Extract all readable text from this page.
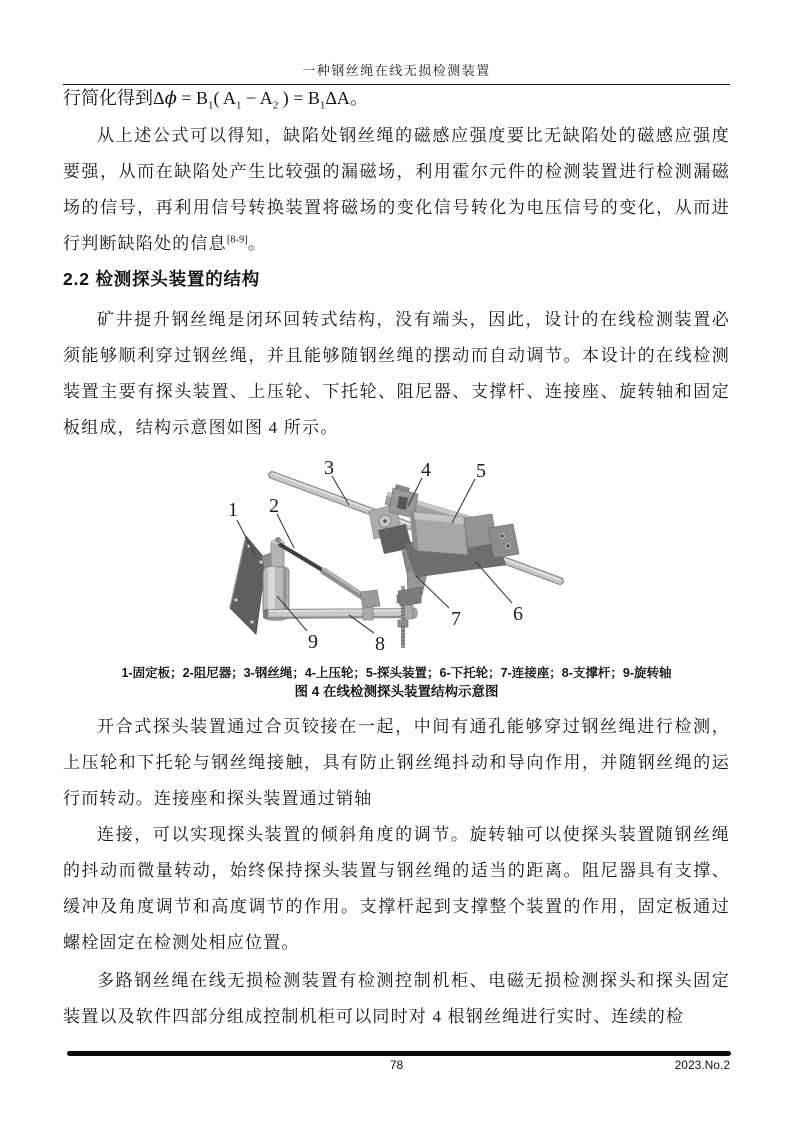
一种钢丝绳在线无损检测装置
行简化得到$\Delta\phi = B_1$( $A_1 - A_2$ ) = $B_1\Delta A$。
从上述公式可以得知，缺陷处钢丝绳的磁感应强度要比无缺陷处的磁感应强度要强，从而在缺陷处产生比较强的漏磁场，利用霍尔元件的检测装置进行检测漏磁场的信号，再利用信号转换装置将磁场的变化信号转化为电压信号的变化，从而进行判断缺陷处的信息[8-9]。
2.2 检测探头装置的结构
矿井提升钢丝绳是闭环回转式结构，没有端头，因此，设计的在线检测装置必须能够顺利穿过钢丝绳，并且能够随钢丝绳的摆动而自动调节。本设计的在线检测装置主要有探头装置、上压轮、下托轮、阻尼器、支撑杆、连接座、旋转轴和固定板组成，结构示意图如图 4 所示。
1 2
3	4 5
6
7
8
9
1-固定板；2-阻尼器；3-钢丝绳；4-上压轮；5-探头装置；6-下托轮；7-连接座；8-支撑杆；9-旋转轴
图 4 在线检测探头装置结构示意图
开合式探头装置通过合页铰接在一起，中间有通孔能够穿过钢丝绳进行检测，上压轮和下托轮与钢丝绳接触，具有防止钢丝绳抖动和导向作用，并随钢丝绳的运行而转动。连接座和探头装置通过销轴
连接，可以实现探头装置的倾斜角度的调节。旋转轴可以使探头装置随钢丝绳的抖动而微量转动，始终保持探头装置与钢丝绳的适当的距离。阻尼器具有支撑、缓冲及角度调节和高度调节的作用。支撑杆起到支撑整个装置的作用，固定板通过螺栓固定在检测处相应位置。
多路钢丝绳在线无损检测装置有检测控制机柜、电磁无损检测探头和探头固定装置以及软件四部分组成控制机柜可以同时对 4 根钢丝绳进行实时、连续的检
78	2023.No.2
